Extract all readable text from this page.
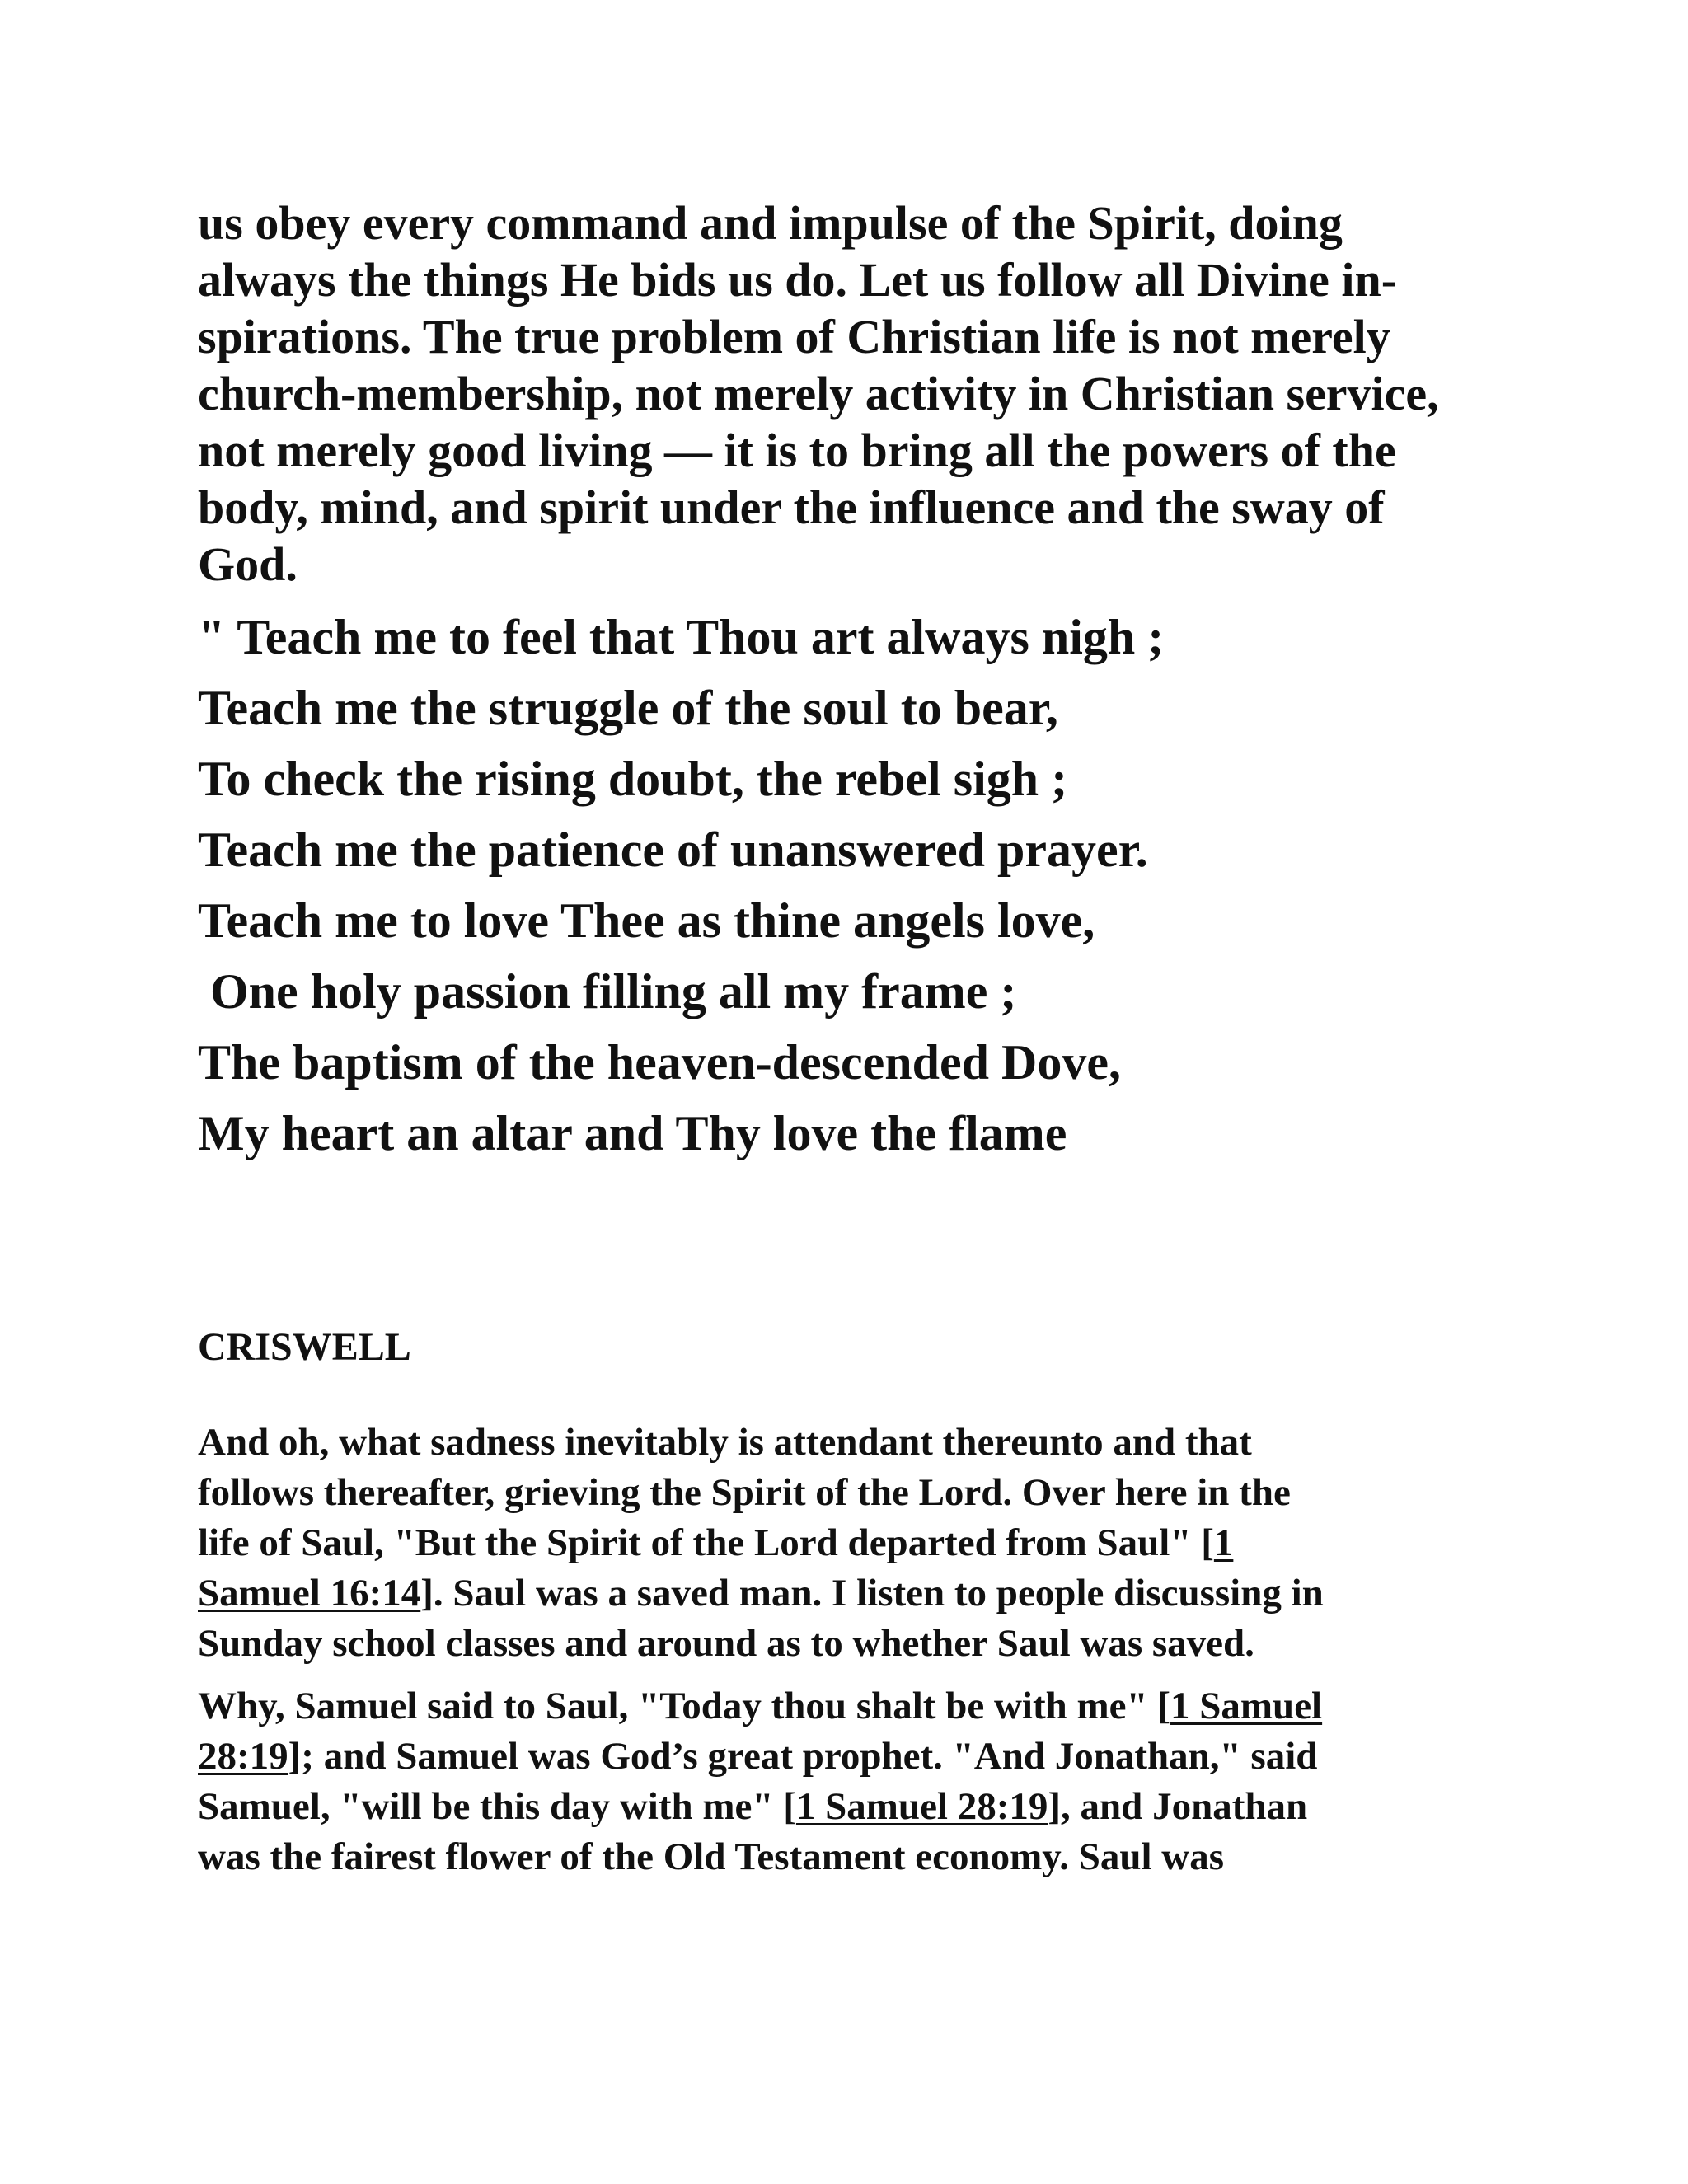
us obey every command and impulse of the Spirit, doing
always the things He bids us do. Let us follow all Divine in-
spirations. The true problem of Christian life is not merely
church-membership, not merely activity in Christian service,
not merely good living — it is to bring all the powers of the
body, mind, and spirit under the influence and the sway of
God.
" Teach me to feel that Thou art always nigh ;
Teach me the struggle of the soul to bear,
To check the rising doubt, the rebel sigh ;
Teach me the patience of unanswered prayer.
Teach me to love Thee as thine angels love,
One holy passion filling all my frame ;
The baptism of the heaven-descended Dove,
My heart an altar and Thy love the flame
CRISWELL
And oh, what sadness inevitably is attendant thereunto and that
follows thereafter, grieving the Spirit of the Lord. Over here in the
life of Saul, "But the Spirit of the Lord departed from Saul" [1
Samuel 16:14]. Saul was a saved man. I listen to people discussing in
Sunday school classes and around as to whether Saul was saved.
Why, Samuel said to Saul, "Today thou shalt be with me" [1 Samuel
28:19]; and Samuel was God’s great prophet. "And Jonathan," said
Samuel, "will be this day with me" [1 Samuel 28:19], and Jonathan
was the fairest flower of the Old Testament economy. Saul was
